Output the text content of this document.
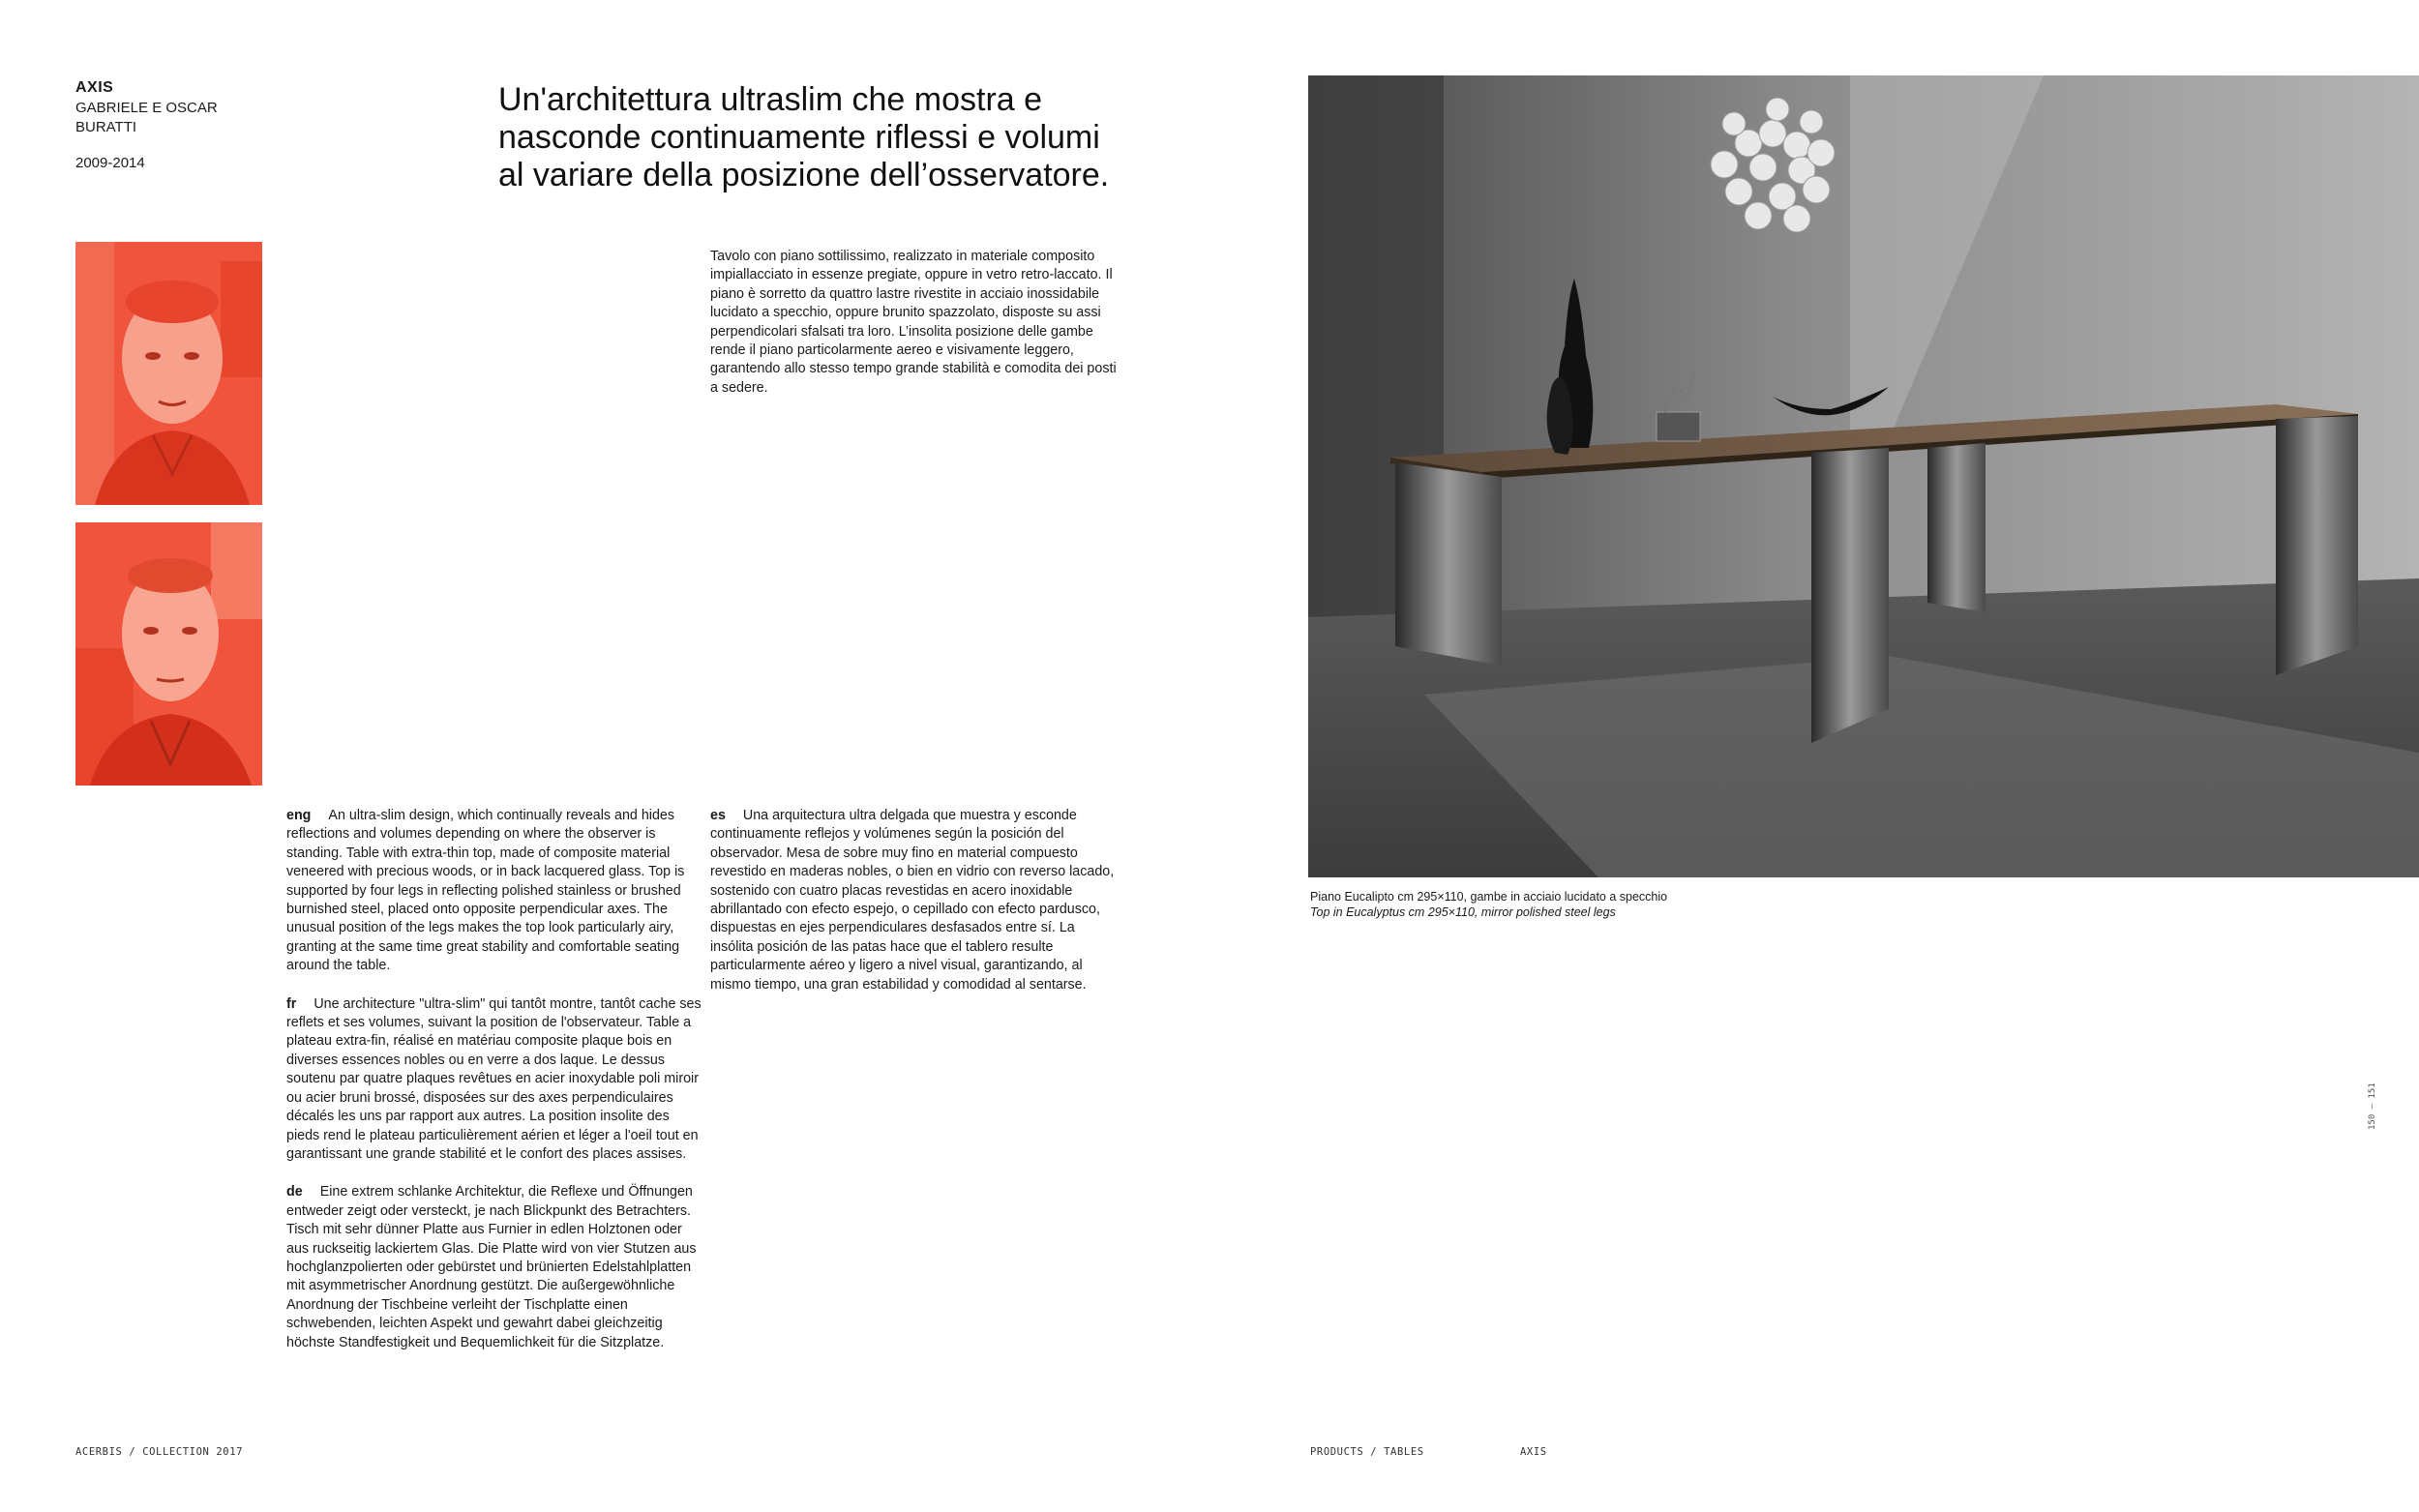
AXIS
GABRIELE E OSCAR BURATTI
2009-2014
Un'architettura ultraslim che mostra e nasconde continuamente riflessi e volumi al variare della posizione dell’osservatore.
Tavolo con piano sottilissimo, realizzato in materiale composito impiallacciato in essenze pregiate, oppure in vetro retro-laccato. Il piano è sorretto da quattro lastre rivestite in acciaio inossidabile lucidato a specchio, oppure brunito spazzolato, disposte su assi perpendicolari sfalsati tra loro. L’insolita posizione delle gambe rende il piano particolarmente aereo e visivamente leggero, garantendo allo stesso tempo grande stabilità e comodita dei posti a sedere.

eng An ultra-slim design, which continually reveals and hides reflections and volumes depending on where the observer is standing. Table with extra-thin top, made of composite material veneered with precious woods, or in back lacquered glass. Top is supported by four legs in reflecting polished stainless or brushed burnished steel, placed onto opposite perpendicular axes. The unusual position of the legs makes the top look particularly airy, granting at the same time great stability and comfortable seating around the table.

fr Une architecture "ultra-slim" qui tantôt montre, tantôt cache ses reflets et ses volumes, suivant la position de l'observateur. Table a plateau extra-fin, réalisé en matériau composite plaque bois en diverses essences nobles ou en verre a dos laque. Le dessus soutenu par quatre plaques revêtues en acier inoxydable poli miroir ou acier bruni brossé, disposées sur des axes perpendiculaires décalés les uns par rapport aux autres. La position insolite des pieds rend le plateau particulièrement aérien et léger a l'oeil tout en garantissant une grande stabilité et le confort des places assises.

de Eine extrem schlanke Architektur, die Reflexe und Öffnungen entweder zeigt oder versteckt, je nach Blickpunkt des Betrachters. Tisch mit sehr dünner Platte aus Furnier in edlen Holztonen oder aus ruckseitig lackiertem Glas. Die Platte wird von vier Stutzen aus hochglanzpolierten oder gebürstet und brünierten Edelstahlplatten mit asymmetrischer Anordnung gestützt. Die außergewöhnliche Anordnung der Tischbeine verleiht der Tischplatte einen schwebenden, leichten Aspekt und gewahrt dabei gleichzeitig höchste Standfestigkeit und Bequemlichkeit für die Sitzplatze.

es Una arquitectura ultra delgada que muestra y esconde continuamente reflejos y volúmenes según la posición del observador. Mesa de sobre muy fino en material compuesto revestido en maderas nobles, o bien en vidrio con reverso lacado, sostenido con cuatro placas revestidas en acero inoxidable abrillantado con efecto espejo, o cepillado con efecto pardusco, dispuestas en ejes perpendiculares desfasados entre sí. La insólita posición de las patas hace que el tablero resulte particularmente aéreo y ligero a nivel visual, garantizando, al mismo tiempo, una gran estabilidad y comodidad al sentarse.

Piano Eucalipto cm 295×110, gambe in acciaio lucidato a specchio
Top in Eucalyptus cm 295×110, mirror polished steel legs
ACERBIS / COLLECTION 2017	PRODUCTS / TABLES	AXIS
150 – 151
